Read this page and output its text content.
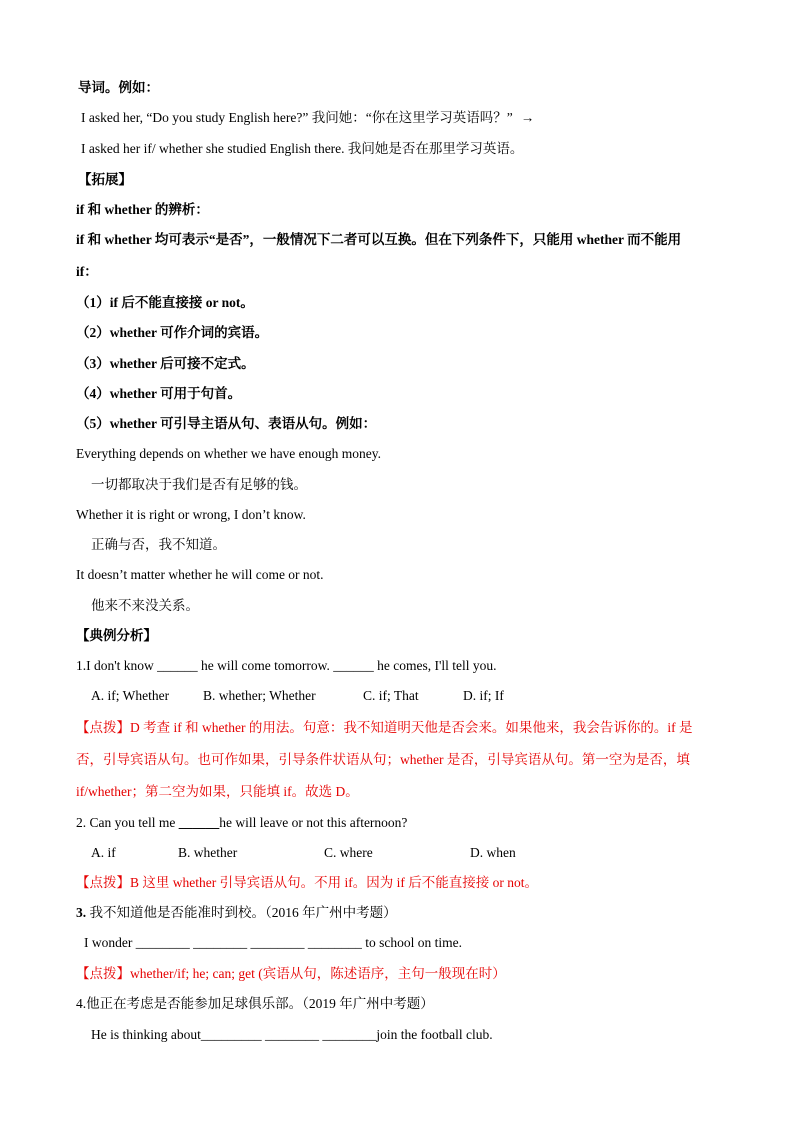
导词。例如：
I asked her, “Do you study English here?” 我问她：“你在这里学习英语吗？” →
I asked her if/ whether she studied English there. 我问她是否在那里学习英语。
【拓展】
if 和 whether 的辨析：
if 和 whether 均可表示“是否”，一般情况下二者可以互换。但在下列条件下，只能用 whether 而不能用
if：
（1）if 后不能直接接 or not。
（2）whether 可作介词的宾语。
（3）whether 后可接不定式。
（4）whether 可用于句首。
（5）whether 可引导主语从句、表语从句。例如：
Everything depends on whether we have enough money.
一切都取决于我们是否有足够的钱。
Whether it is right or wrong, I don’t know.
正确与否，我不知道。
It doesn’t matter whether he will come or not.
他来不来没关系。
【典例分析】
1.I don't know ______ he will come tomorrow. ______ he comes, I'll tell you.
A. if; Whether	B. whether; Whether	C. if; That	D. if; If
【点拨】D 考查 if 和 whether 的用法。句意：我不知道明天他是否会来。如果他来，我会告诉你的。if 是
否，引导宾语从句。也可作如果，引导条件状语从句；whether 是否，引导宾语从句。第一空为是否，填
if/whether；第二空为如果，只能填 if。故选 D。
2. Can you tell me ______he will leave or not this afternoon?
A. if	B. whether	C. where	D. when
【点拨】B 这里 whether 引导宾语从句。不用 if。因为 if 后不能直接接 or not。
3. 我不知道他是否能准时到校。（2016 年广州中考题）
I wonder ________ ________ ________ ________ to school on time.
【点拨】whether/if; he; can; get (宾语从句，陈述语序，主句一般现在时）
4.他正在考虑是否能参加足球俱乐部。（2019 年广州中考题）
He is thinking about_________ ________ ________join the football club.
